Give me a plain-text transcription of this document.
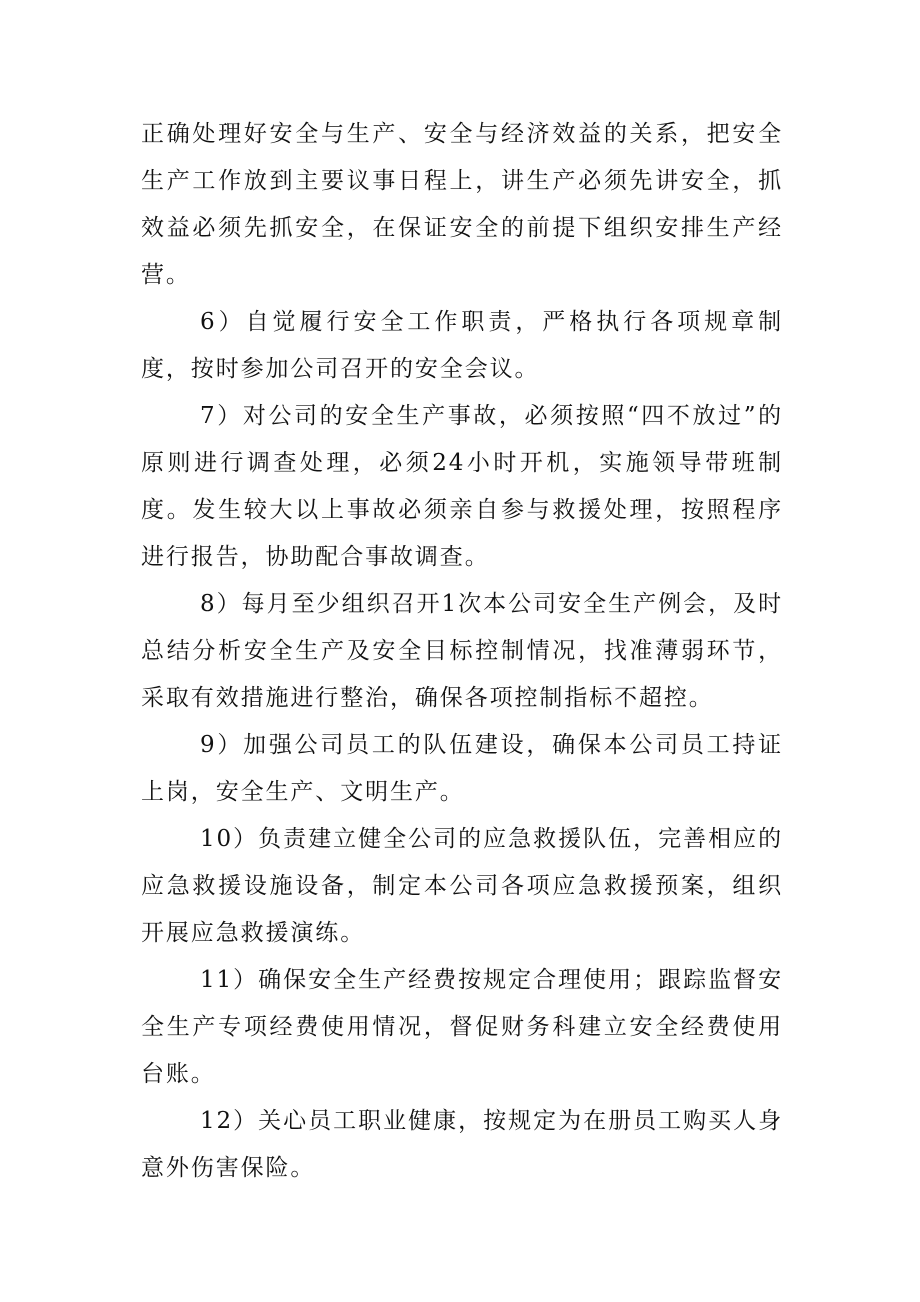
正确处理好安全与生产、安全与经济效益的关系，把安全生产工作放到主要议事日程上，讲生产必须先讲安全，抓效益必须先抓安全，在保证安全的前提下组织安排生产经营。

6）自觉履行安全工作职责，严格执行各项规章制度，按时参加公司召开的安全会议。

7）对公司的安全生产事故，必须按照“四不放过”的原则进行调查处理，必须24小时开机，实施领导带班制度。发生较大以上事故必须亲自参与救援处理，按照程序进行报告，协助配合事故调查。

8）每月至少组织召开1次本公司安全生产例会，及时总结分析安全生产及安全目标控制情况，找准薄弱环节，采取有效措施进行整治，确保各项控制指标不超控。

9）加强公司员工的队伍建设，确保本公司员工持证上岗，安全生产、文明生产。

10）负责建立健全公司的应急救援队伍，完善相应的应急救援设施设备，制定本公司各项应急救援预案，组织开展应急救援演练。

11）确保安全生产经费按规定合理使用；跟踪监督安全生产专项经费使用情况，督促财务科建立安全经费使用台账。

12）关心员工职业健康，按规定为在册员工购买人身意外伤害保险。
